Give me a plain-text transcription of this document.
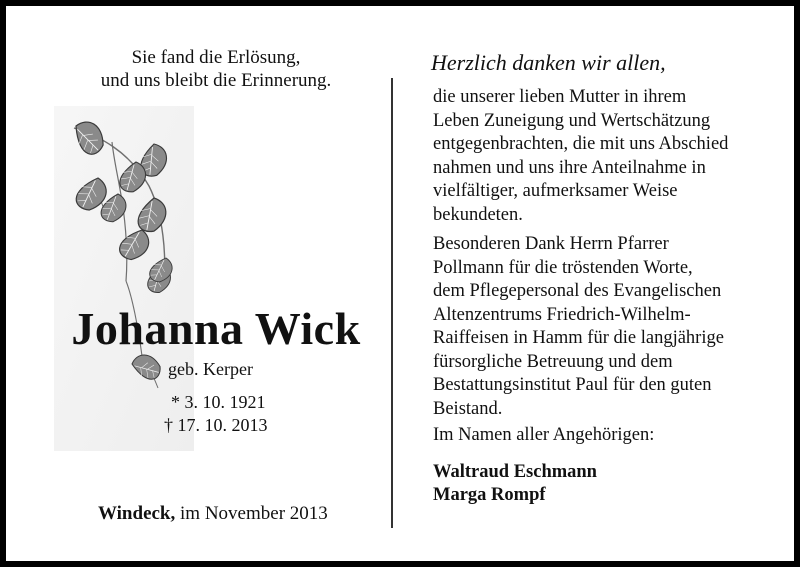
Sie fand die Erlösung,
und uns bleibt die Erinnerung.
Johanna Wick
geb. Kerper
* 3. 10. 1921
† 17. 10. 2013
Windeck, im November 2013
Herzlich danken wir allen,
die unserer lieben Mutter in ihrem
Leben Zuneigung und Wertschätzung
entgegenbrachten, die mit uns Abschied
nahmen und uns ihre Anteilnahme in
vielfältiger, aufmerksamer Weise
bekundeten.
Besonderen Dank Herrn Pfarrer
Pollmann für die tröstenden Worte,
dem Pflegepersonal des Evangelischen
Altenzentrums Friedrich-Wilhelm-
Raiffeisen in Hamm für die langjährige
fürsorgliche Betreuung und dem
Bestattungsinstitut Paul für den guten
Beistand.
Im Namen aller Angehörigen:
Waltraud Eschmann
Marga Rompf
